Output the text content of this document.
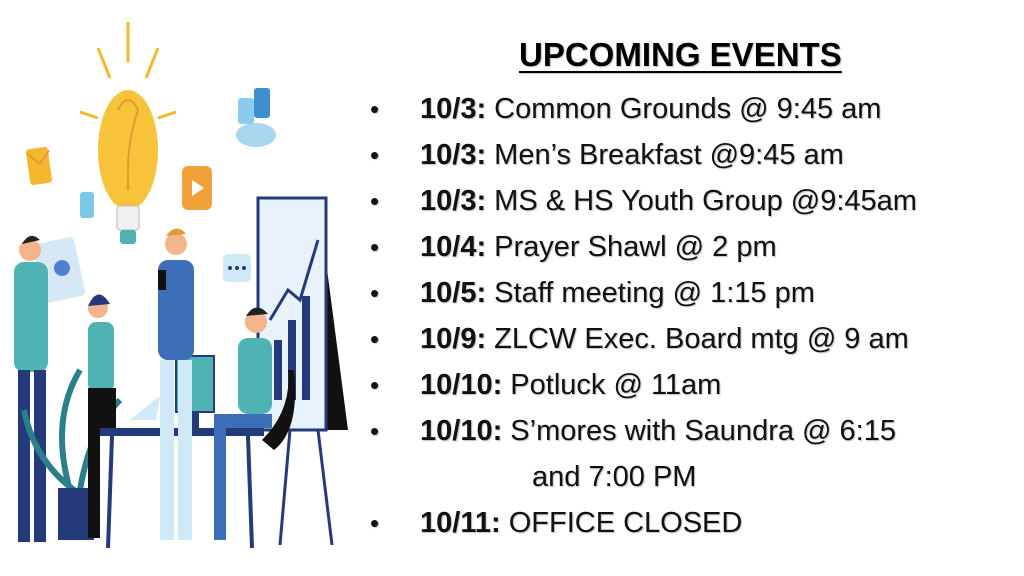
UPCOMING EVENTS
• 10/3: Common Grounds @ 9:45 am
• 10/3: Men’s Breakfast @9:45 am
• 10/3: MS & HS Youth Group @9:45am
• 10/4: Prayer Shawl @ 2 pm
• 10/5: Staff meeting @ 1:15 pm
• 10/9: ZLCW Exec. Board mtg @ 9 am
• 10/10: Potluck @ 11am
• 10/10: S’mores with Saundra @ 6:15
and 7:00 PM
• 10/11: OFFICE CLOSED
